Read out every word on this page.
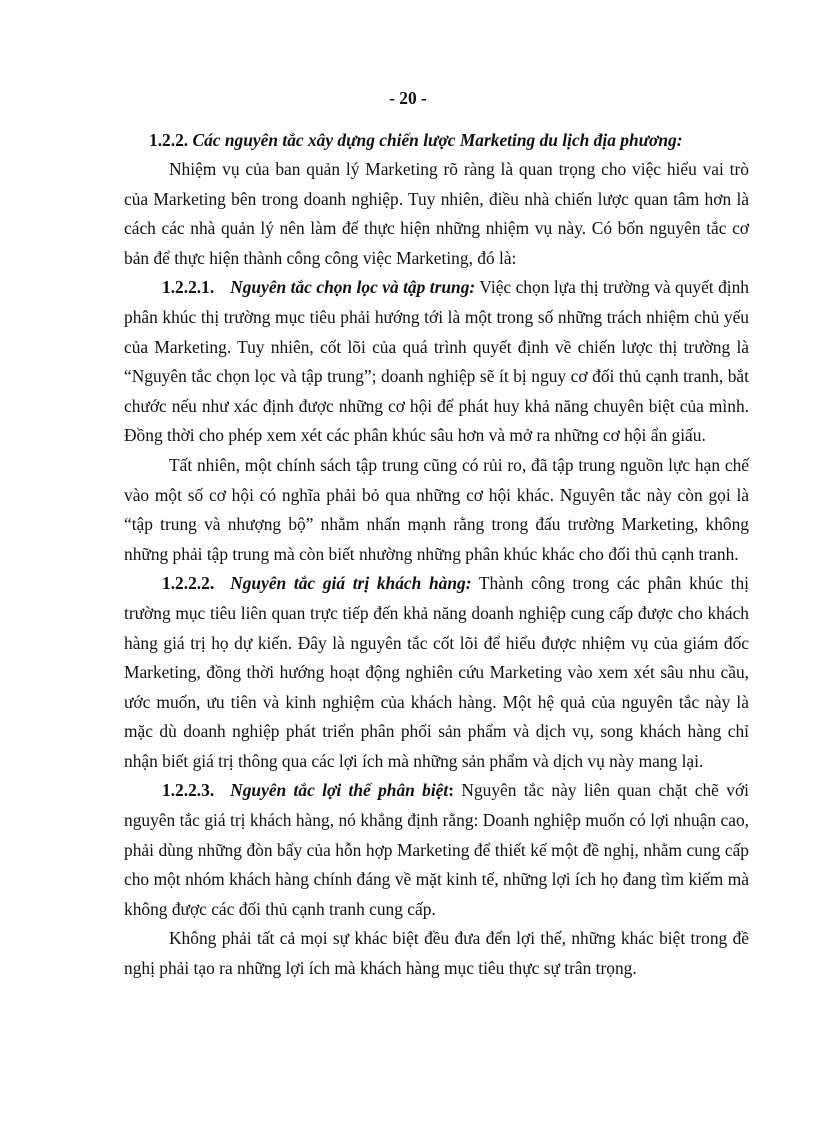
- 20 -
1.2.2. Các nguyên tắc xây dựng chiến lược Marketing du lịch địa phương:

Nhiệm vụ của ban quản lý Marketing rõ ràng là quan trọng cho việc hiểu vai trò của Marketing bên trong doanh nghiệp. Tuy nhiên, điều nhà chiến lược quan tâm hơn là cách các nhà quản lý nên làm để thực hiện những nhiệm vụ này. Có bốn nguyên tắc cơ bản để thực hiện thành công công việc Marketing, đó là:

1.2.2.1. Nguyên tắc chọn lọc và tập trung: Việc chọn lựa thị trường và quyết định phân khúc thị trường mục tiêu phải hướng tới là một trong số những trách nhiệm chủ yếu của Marketing. Tuy nhiên, cốt lõi của quá trình quyết định về chiến lược thị trường là “Nguyên tắc chọn lọc và tập trung”; doanh nghiệp sẽ ít bị nguy cơ đối thủ cạnh tranh, bắt chước nếu như xác định được những cơ hội để phát huy khả năng chuyên biệt của mình. Đồng thời cho phép xem xét các phân khúc sâu hơn và mở ra những cơ hội ẩn giấu.

Tất nhiên, một chính sách tập trung cũng có rủi ro, đã tập trung nguồn lực hạn chế vào một số cơ hội có nghĩa phải bỏ qua những cơ hội khác. Nguyên tắc này còn gọi là “tập trung và nhượng bộ” nhằm nhấn mạnh rằng trong đấu trường Marketing, không những phải tập trung mà còn biết nhường những phân khúc khác cho đối thủ cạnh tranh.

1.2.2.2. Nguyên tắc giá trị khách hàng: Thành công trong các phân khúc thị trường mục tiêu liên quan trực tiếp đến khả năng doanh nghiệp cung cấp được cho khách hàng giá trị họ dự kiến. Đây là nguyên tắc cốt lõi để hiểu được nhiệm vụ của giám đốc Marketing, đồng thời hướng hoạt động nghiên cứu Marketing vào xem xét sâu nhu cầu, ước muốn, ưu tiên và kinh nghiệm của khách hàng. Một hệ quả của nguyên tắc này là mặc dù doanh nghiệp phát triển phân phối sản phẩm và dịch vụ, song khách hàng chỉ nhận biết giá trị thông qua các lợi ích mà những sản phẩm và dịch vụ này mang lại.

1.2.2.3. Nguyên tắc lợi thế phân biệt: Nguyên tắc này liên quan chặt chẽ với nguyên tắc giá trị khách hàng, nó khẳng định rằng: Doanh nghiệp muốn có lợi nhuận cao, phải dùng những đòn bẩy của hỗn hợp Marketing để thiết kế một đề nghị, nhằm cung cấp cho một nhóm khách hàng chính đáng về mặt kinh tế, những lợi ích họ đang tìm kiếm mà không được các đối thủ cạnh tranh cung cấp.

Không phải tất cả mọi sự khác biệt đều đưa đến lợi thế, những khác biệt trong đề nghị phải tạo ra những lợi ích mà khách hàng mục tiêu thực sự trân trọng.
